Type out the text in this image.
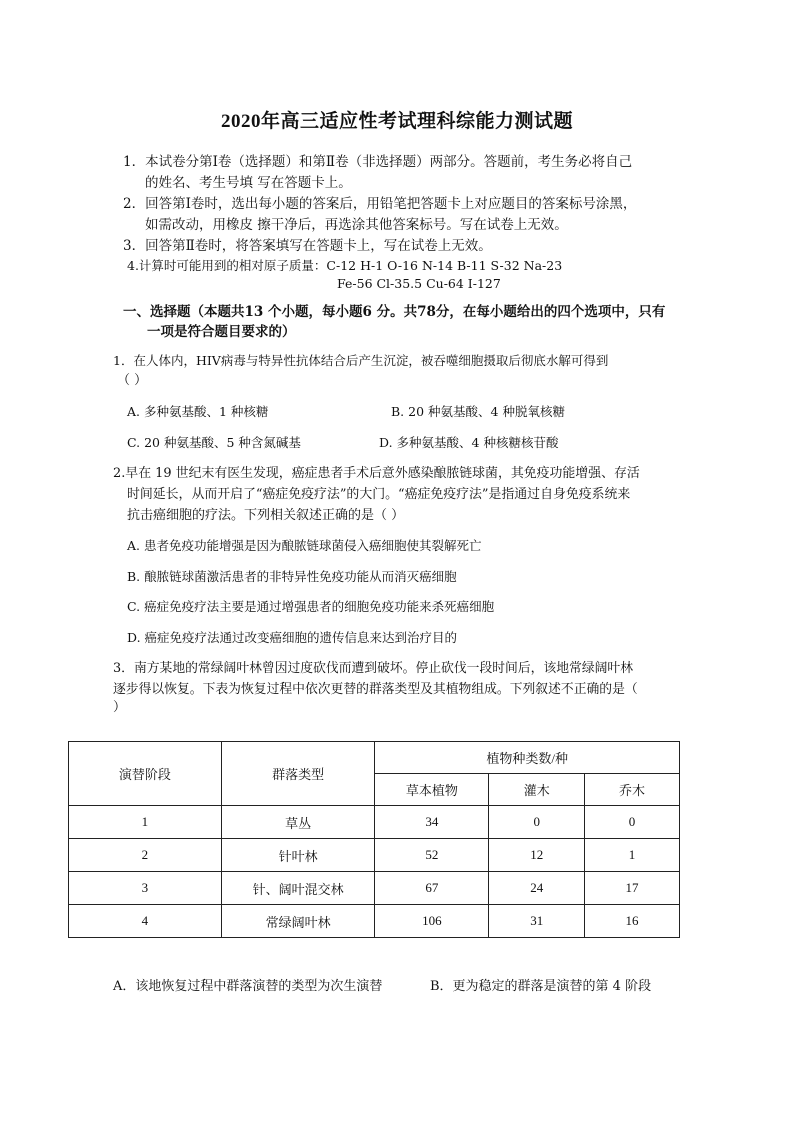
2020年高三适应性考试理科综能力测试题
1．本试卷分第Ⅰ卷（选择题）和第Ⅱ卷（非选择题）两部分。答题前，考生务必将自己
的姓名、考生号填 写在答题卡上。
2．回答第Ⅰ卷时，选出每小题的答案后，用铅笔把答题卡上对应题目的答案标号涂黑，
如需改动，用橡皮 擦干净后，再选涂其他答案标号。写在试卷上无效。
3．回答第Ⅱ卷时，将答案填写在答题卡上，写在试卷上无效。
4.计算时可能用到的相对原子质量：C-12 H-1 O-16 N-14 B-11 S-32 Na-23
Fe-56 Cl-35.5 Cu-64 I-127
一、选择题（本题共13 个小题，每小题6 分。共78分，在每小题给出的四个选项中，只有
一项是符合题目要求的）
1．在人体内，HIV病毒与特异性抗体结合后产生沉淀，被吞噬细胞摄取后彻底水解可得到
（ ）
A. 多种氨基酸、1 种核糖	B. 20 种氨基酸、4 种脱氧核糖
C. 20 种氨基酸、5 种含氮碱基	D. 多种氨基酸、4 种核糖核苷酸
2.早在 19 世纪末有医生发现，癌症患者手术后意外感染酿脓链球菌，其免疫功能增强、存活
时间延长，从而开启了“癌症免疫疗法”的大门。“癌症免疫疗法”是指通过自身免疫系统来
抗击癌细胞的疗法。下列相关叙述正确的是（ ）
A. 患者免疫功能增强是因为酿脓链球菌侵入癌细胞使其裂解死亡
B. 酿脓链球菌激活患者的非特异性免疫功能从而消灭癌细胞
C. 癌症免疫疗法主要是通过增强患者的细胞免疫功能来杀死癌细胞
D. 癌症免疫疗法通过改变癌细胞的遗传信息来达到治疗目的
3．南方某地的常绿阔叶林曾因过度砍伐而遭到破坏。停止砍伐一段时间后，该地常绿阔叶林
逐步得以恢复。下表为恢复过程中依次更替的群落类型及其植物组成。下列叙述不正确的是（
）
演替阶段	群落类型	植物种类数/种		
		草本植物	灌木	乔木
1	草丛	34	0	0
2	针叶林	52	12	1
3	针、阔叶混交林	67	24	17
4	常绿阔叶林	106	31	16
A．该地恢复过程中群落演替的类型为次生演替	B．更为稳定的群落是演替的第 4 阶段
